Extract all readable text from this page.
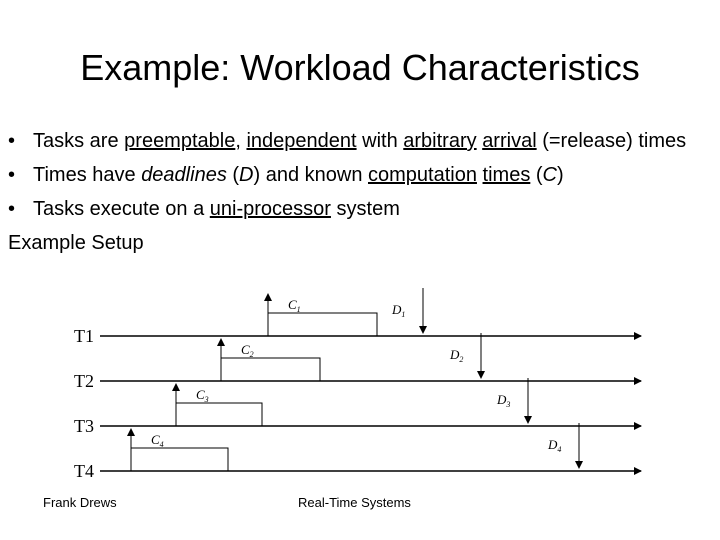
Example: Workload Characteristics
• Tasks are preemptable, independent with arbitrary arrival (=release) times
• Times have deadlines (D) and known computation times (C)
• Tasks execute on a uni-processor system
Example Setup
T1
$C_1$	$D_1$
T2
$C_2$	$D_2$
T3
$C_3$	$D_3$
T4
$C_4$	$D_4$
Frank Drews	Real-Time Systems
